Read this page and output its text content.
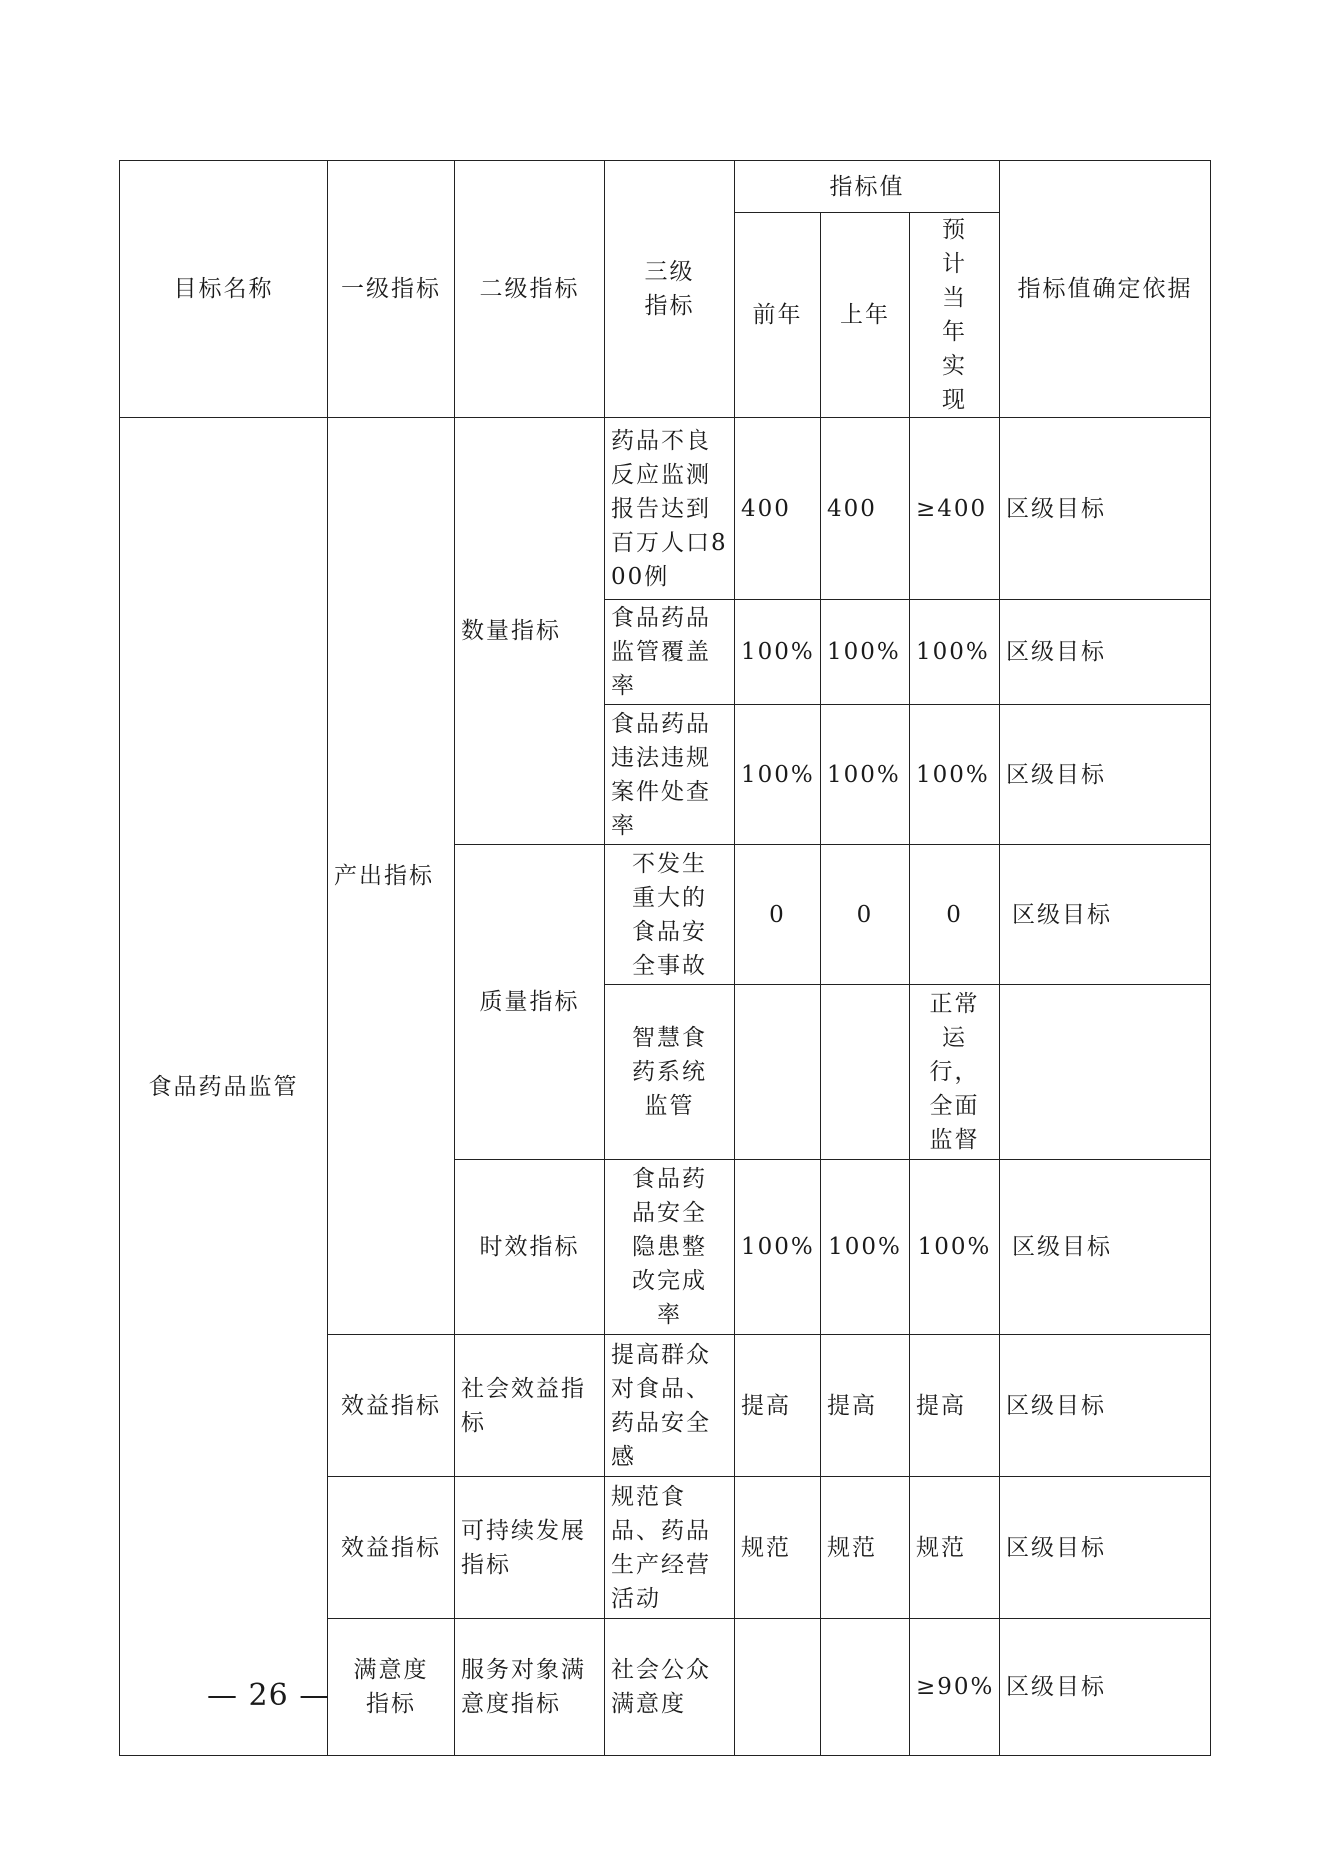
目标名称	一级指标	二级指标	三级指标	指标值			指标值确定依据
				前年	上年	预计当年实现	
食品药品监管	产出指标	数量指标	药品不良反应监测报告达到百万人口800例	400	400	≥400	区级目标
			食品药品监管覆盖率	100%	100%	100%	区级目标
			食品药品违法违规案件处查率	100%	100%	100%	区级目标
		质量指标	不发生重大的食品安全事故	0	0	0	区级目标
			智慧食药系统监管			正常运行，全面监督	
		时效指标	食品药品安全隐患整改完成率	100%	100%	100%	区级目标
	效益指标	社会效益指标	提高群众对食品、药品安全感	提高	提高	提高	区级目标
	效益指标	可持续发展指标	规范食品、药品生产经营活动	规范	规范	规范	区级目标
	满意度指标	服务对象满意度指标	社会公众满意度			≥90%	区级目标
— 26 —
